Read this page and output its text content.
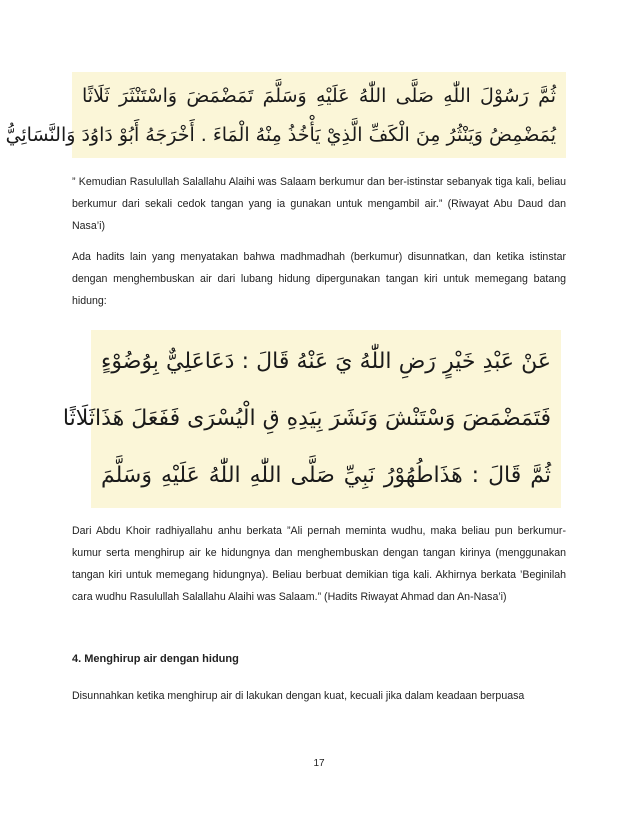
ثُمَّ رَسُوْلَ اللّٰهِ صَلَّى اللّٰهُ عَلَيْهِ وَسَلَّمَ تَمَضْمَضَ وَاسْتَنْثَرَ ثَلَاثًا
يُمَضْمِضُ وَيَنْثُرُ مِنَ الْكَفِّ الَّذِيْ يَأْخُذُ مِنْهُ الْمَاءَ . أَخْرَجَهُ أَبُوْ دَاوُدَ وَالنَّسَائِيُّ

” Kemudian Rasulullah Salallahu Alaihi was Salaam berkumur dan ber-istinstar sebanyak tiga kali, beliau berkumur dari sekali cedok tangan yang ia gunakan untuk mengambil air.” (Riwayat Abu Daud dan Nasa’i)

Ada hadits lain yang menyatakan bahwa madhmadhah (berkumur) disunnatkan, dan ketika istinstar dengan menghembuskan air dari lubang hidung dipergunakan tangan kiri untuk memegang batang hidung:

عَنْ عَبْدِ خَيْرٍ رَضِ اللّٰهُ يَ عَنْهُ قَالَ : دَعَاعَلِيٌّ بِوُضُوْءٍ
فَتَمَضْمَضَ وَسْتَنْشَ وَنَشَرَ بِيَدِهِ قِ الْيُسْرَى فَفَعَلَ هَذَاثَلَاثًا
ثُمَّ قَالَ : هَذَاطُهُوْرُ نَبِيِّ صَلَّى اللّٰهِ اللّٰهُ عَلَيْهِ وَسَلَّمَ

Dari Abdu Khoir radhiyallahu anhu berkata ”Ali pernah meminta wudhu, maka beliau pun berkumur-kumur serta menghirup air ke hidungnya dan menghembuskan dengan tangan kirinya (menggunakan tangan kiri untuk memegang hidungnya). Beliau berbuat demikian tiga kali. Akhirnya berkata ’Beginilah cara wudhu Rasulullah Salallahu Alaihi was Salaam.” (Hadits Riwayat Ahmad dan An-Nasa’i)

4. Menghirup air dengan hidung

Disunnahkan ketika menghirup air di lakukan dengan kuat, kecuali jika dalam keadaan berpuasa

17
